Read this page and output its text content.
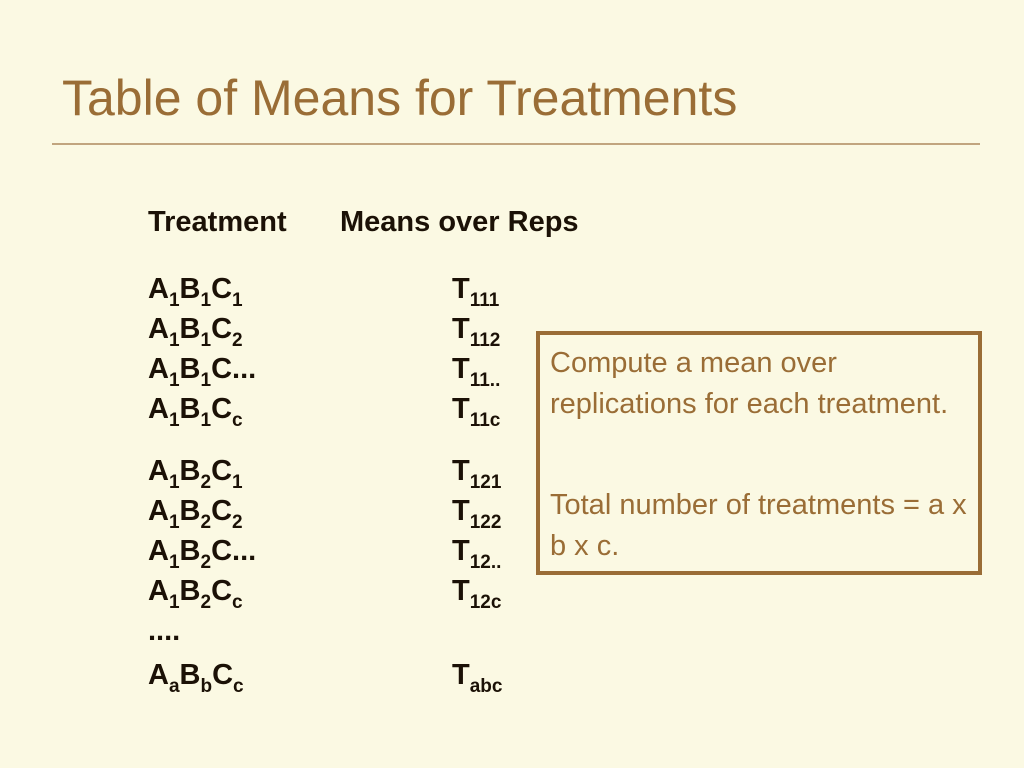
Table of Means for Treatments
Treatment Means over Reps
$A_1B_1C_1$	$T_{111}$
$A_1B_1C_2$	$T_{112}$
$A_1B_1C$...	$T_{11..}$
$A_1B_1C_c$	$T_{11c}$
$A_1B_2C_1$	$T_{121}$
$A_1B_2C_2$	$T_{122}$
$A_1B_2C$...	$T_{12..}$
$A_1B_2C_c$	$T_{12c}$
....
$A_aB_bC_c$	$T_{abc}$

Compute a mean over replications for each treatment.

Total number of treatments = a x b x c.
